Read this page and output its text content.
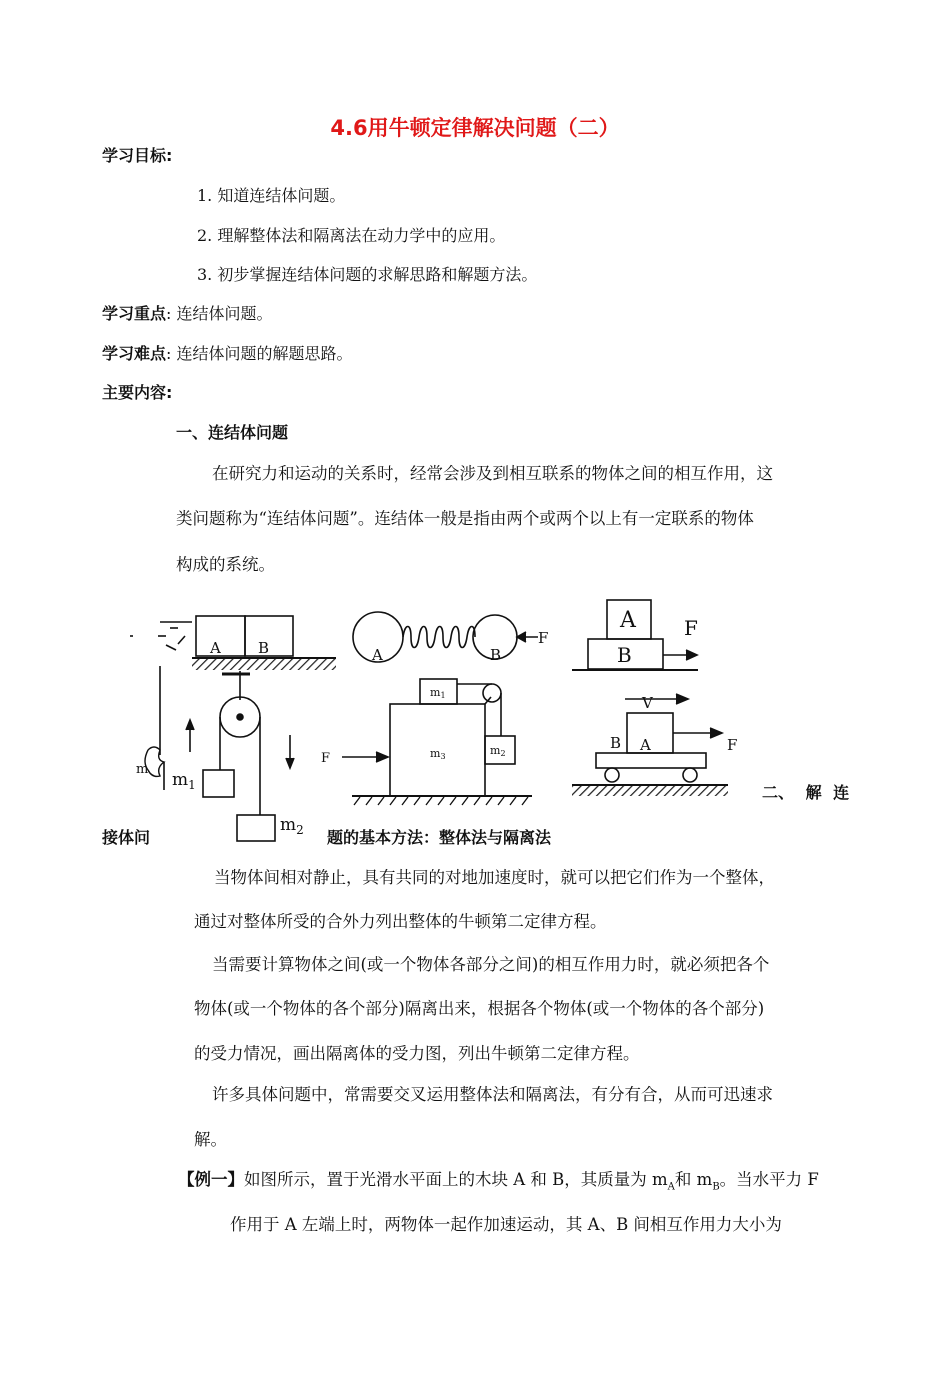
4.6用牛顿定律解决问题（二）
学习目标:
1. 知道连结体问题。
2. 理解整体法和隔离法在动力学中的应用。
3. 初步掌握连结体问题的求解思路和解题方法。
学习重点: 连结体问题。
学习难点: 连结体问题的解题思路。
主要内容:
一、连结体问题
在研究力和运动的关系时，经常会涉及到相互联系的物体之间的相互作用，这
类问题称为“连结体问题”。连结体一般是指由两个或两个以上有一定联系的物体
构成的系统。
A B
m
$m_1$
$m_2$
A	B
F
A
B
F
m1
m2
m3
F
V
A
B	F
二、 解 连
接体问	题的基本方法：整体法与隔离法
当物体间相对静止，具有共同的对地加速度时，就可以把它们作为一个整体，
通过对整体所受的合外力列出整体的牛顿第二定律方程。
当需要计算物体之间(或一个物体各部分之间)的相互作用力时，就必须把各个
物体(或一个物体的各个部分)隔离出来，根据各个物体(或一个物体的各个部分)
的受力情况，画出隔离体的受力图，列出牛顿第二定律方程。
许多具体问题中，常需要交叉运用整体法和隔离法，有分有合，从而可迅速求
解。
【例一】如图所示，置于光滑水平面上的木块 A 和 B，其质量为 $m_A$和 $m_B$。当水平力 F
作用于 A 左端上时，两物体一起作加速运动，其 A、B 间相互作用力大小为
